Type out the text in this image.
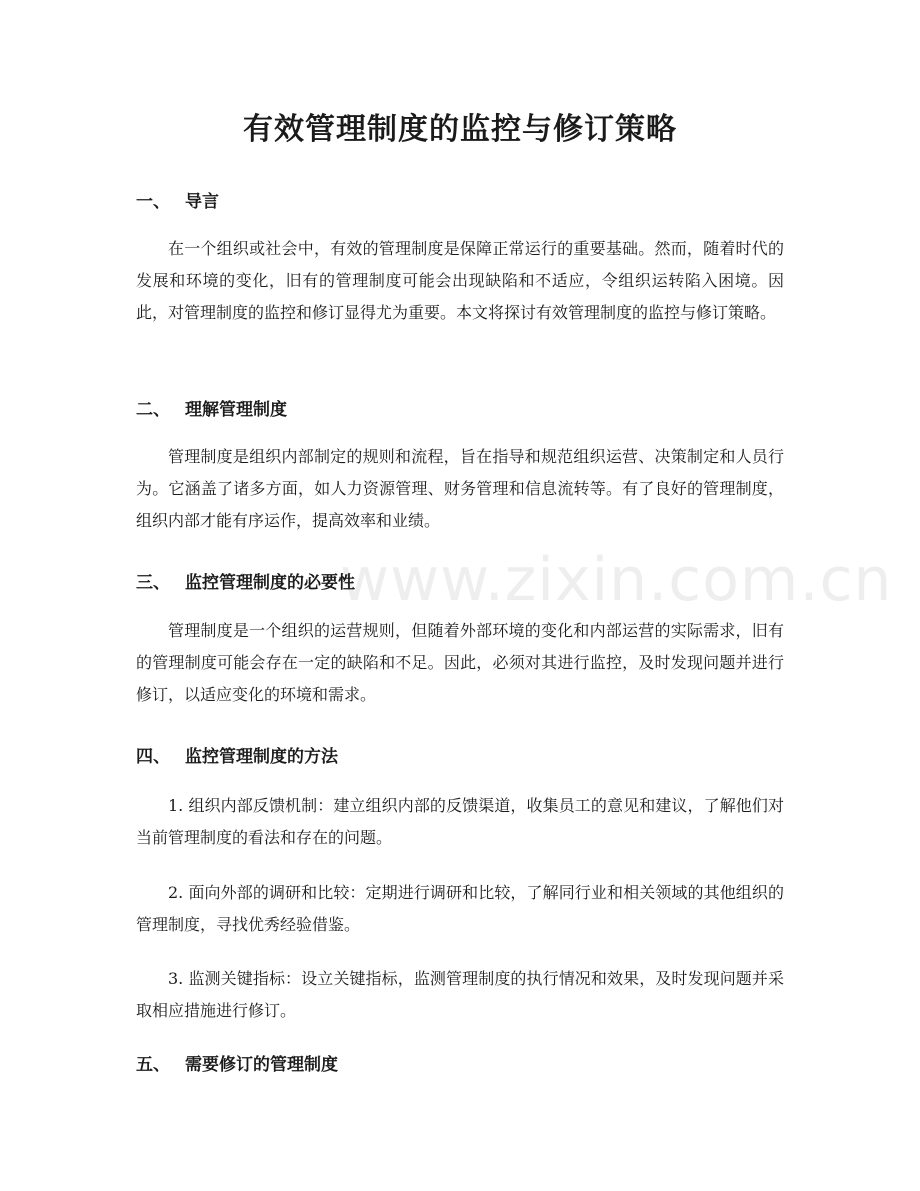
www.zixin.com.cn
有效管理制度的监控与修订策略
一、 导言
在一个组织或社会中，有效的管理制度是保障正常运行的重要基础。然而，随着时代的发展和环境的变化，旧有的管理制度可能会出现缺陷和不适应，令组织运转陷入困境。因此，对管理制度的监控和修订显得尤为重要。本文将探讨有效管理制度的监控与修订策略。
二、 理解管理制度
管理制度是组织内部制定的规则和流程，旨在指导和规范组织运营、决策制定和人员行为。它涵盖了诸多方面，如人力资源管理、财务管理和信息流转等。有了良好的管理制度，组织内部才能有序运作，提高效率和业绩。
三、 监控管理制度的必要性
管理制度是一个组织的运营规则，但随着外部环境的变化和内部运营的实际需求，旧有的管理制度可能会存在一定的缺陷和不足。因此，必须对其进行监控，及时发现问题并进行修订，以适应变化的环境和需求。
四、 监控管理制度的方法
1. 组织内部反馈机制：建立组织内部的反馈渠道，收集员工的意见和建议，了解他们对当前管理制度的看法和存在的问题。
2. 面向外部的调研和比较：定期进行调研和比较，了解同行业和相关领域的其他组织的管理制度，寻找优秀经验借鉴。
3. 监测关键指标：设立关键指标，监测管理制度的执行情况和效果，及时发现问题并采取相应措施进行修订。
五、 需要修订的管理制度
